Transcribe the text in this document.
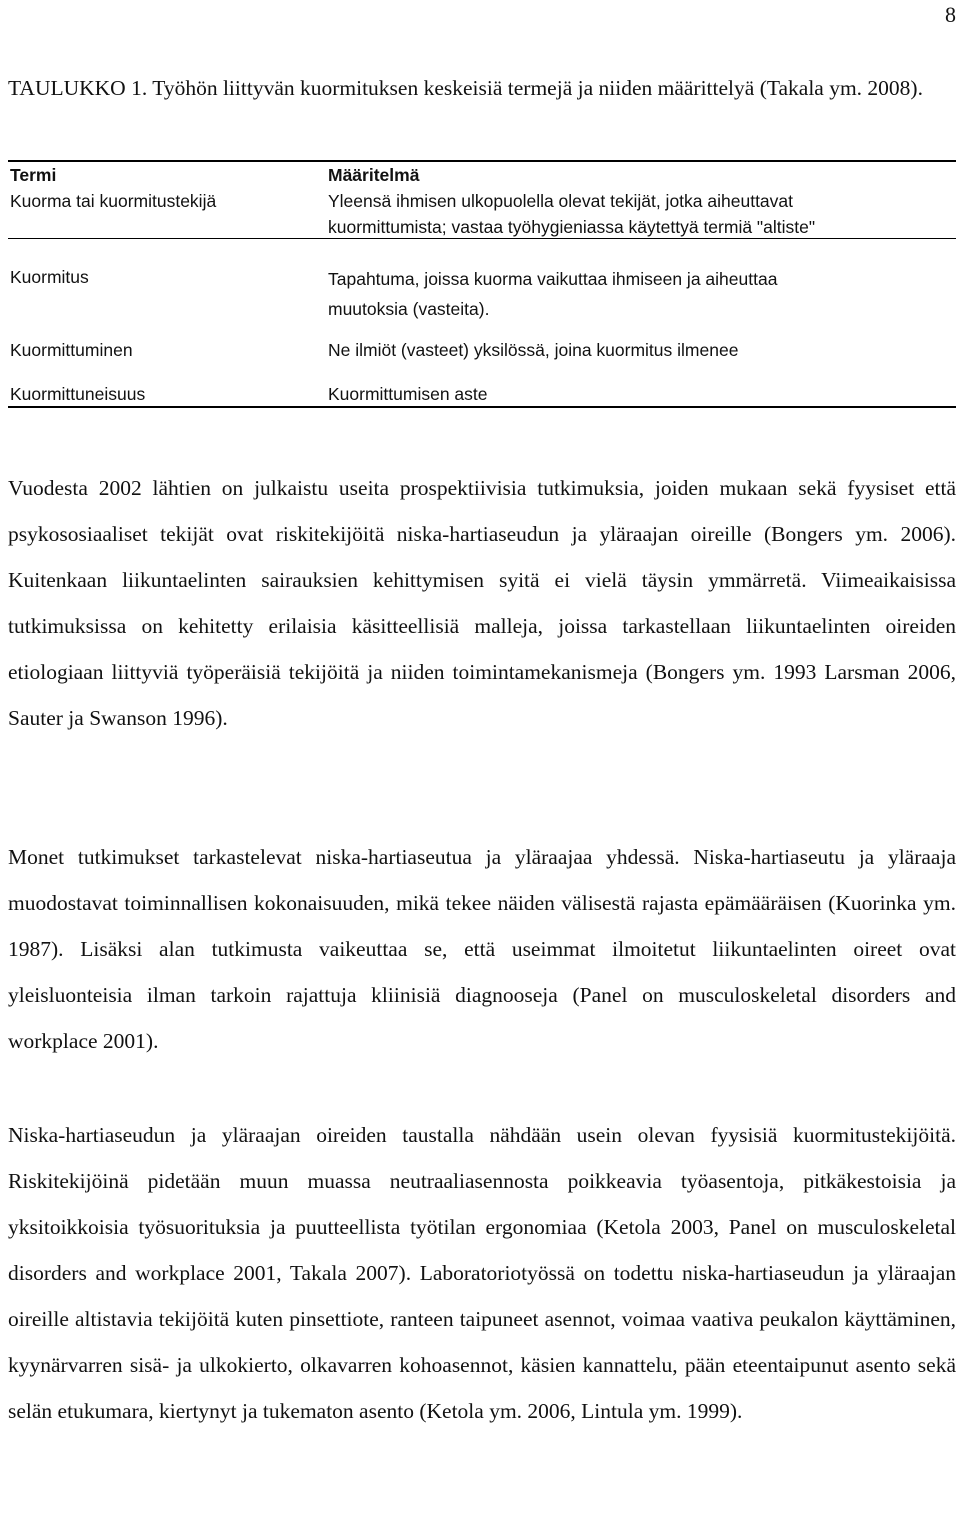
8
TAULUKKO 1. Työhön liittyvän kuormituksen keskeisiä termejä ja niiden määrittelyä (Takala ym. 2008).
Termi	Määritelmä
Kuorma tai kuormitustekijä	Yleensä ihmisen ulkopuolella olevat tekijät, jotka aiheuttavat
kuormittumista; vastaa työhygieniassa käytettyä termiä "altiste"
Kuormitus	Tapahtuma, joissa kuorma vaikuttaa ihmiseen ja aiheuttaa
muutoksia (vasteita).
Kuormittuminen	Ne ilmiöt (vasteet) yksilössä, joina kuormitus ilmenee
Kuormittuneisuus	Kuormittumisen aste
Vuodesta 2002 lähtien on julkaistu useita prospektiivisia tutkimuksia, joiden mukaan sekä fyysiset että psykososiaaliset tekijät ovat riskitekijöitä niska-hartiaseudun ja yläraajan oireille (Bongers ym. 2006). Kuitenkaan liikuntaelinten sairauksien kehittymisen syitä ei vielä täysin ymmärretä. Viimeaikaisissa tutkimuksissa on kehitetty erilaisia käsitteellisiä malleja, joissa tarkastellaan liikuntaelinten oireiden etiologiaan liittyviä työperäisiä tekijöitä ja niiden toimintamekanismeja (Bongers ym. 1993 Larsman 2006, Sauter ja Swanson 1996).
Monet tutkimukset tarkastelevat niska-hartiaseutua ja yläraajaa yhdessä. Niska-hartiaseutu ja yläraaja muodostavat toiminnallisen kokonaisuuden, mikä tekee näiden välisestä rajasta epämääräisen (Kuorinka ym. 1987). Lisäksi alan tutkimusta vaikeuttaa se, että useimmat ilmoitetut liikuntaelinten oireet ovat yleisluonteisia ilman tarkoin rajattuja kliinisiä diagnooseja (Panel on musculoskeletal disorders and workplace 2001).
Niska-hartiaseudun ja yläraajan oireiden taustalla nähdään usein olevan fyysisiä kuormitustekijöitä. Riskitekijöinä pidetään muun muassa neutraaliasennosta poikkeavia työasentoja, pitkäkestoisia ja yksitoikkoisia työsuorituksia ja puutteellista työtilan ergonomiaa (Ketola 2003, Panel on musculoskeletal disorders and workplace 2001, Takala 2007). Laboratoriotyössä on todettu niska-hartiaseudun ja yläraajan oireille altistavia tekijöitä kuten pinsettiote, ranteen taipuneet asennot, voimaa vaativa peukalon käyttäminen, kyynärvarren sisä- ja ulkokierto, olkavarren kohoasennot, käsien kannattelu, pään eteentaipunut asento sekä selän etukumara, kiertynyt ja tukematon asento (Ketola ym. 2006, Lintula ym. 1999).
